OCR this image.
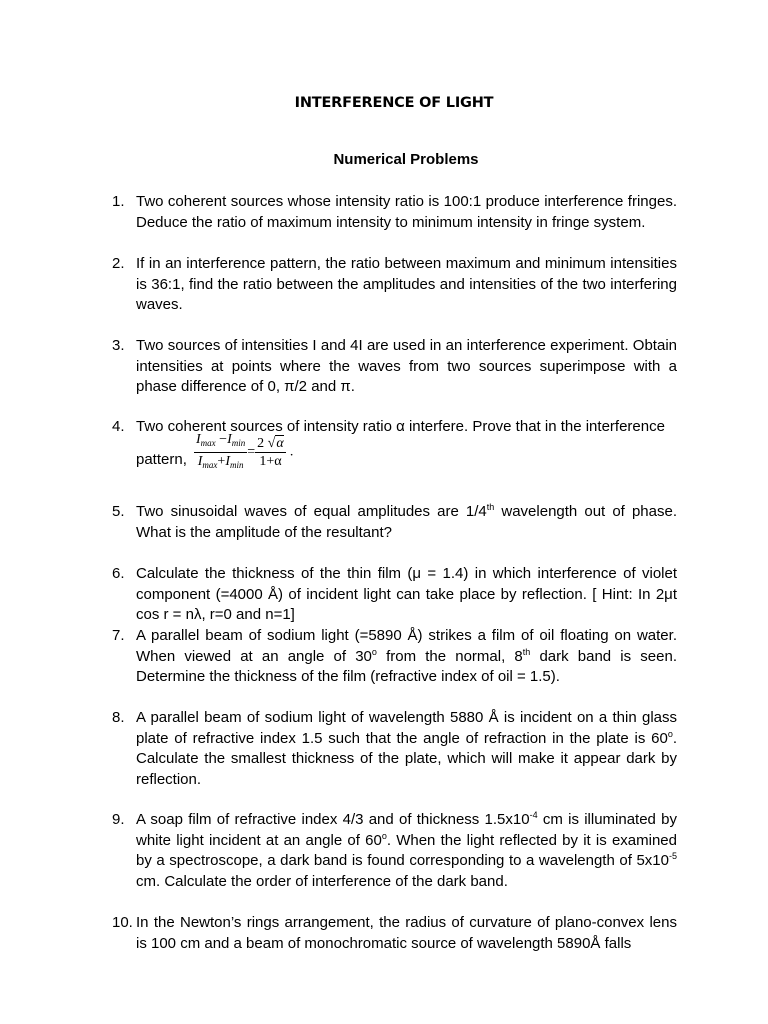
INTERFERENCE OF LIGHT
Numerical Problems
1. Two coherent sources whose intensity ratio is 100:1 produce interference fringes. Deduce the ratio of maximum intensity to minimum intensity in fringe system.
2. If in an interference pattern, the ratio between maximum and minimum intensities is 36:1, find the ratio between the amplitudes and intensities of the two interfering waves.
3. Two sources of intensities I and 4I are used in an interference experiment. Obtain intensities at points where the waves from two sources superimpose with a phase difference of 0, π/2 and π.
4. Two coherent sources of intensity ratio α interfere. Prove that in the interference
pattern, $\frac{I_{max} -I_{min}}{I_{max}+I_{min}} = \frac{2 √\alpha}{1+\alpha}$ .
5. Two sinusoidal waves of equal amplitudes are 1/4th wavelength out of phase. What is the amplitude of the resultant?
6. Calculate the thickness of the thin film (μ = 1.4) in which interference of violet component (=4000 Å) of incident light can take place by reflection. [ Hint: In 2μt cos r = nλ, r=0 and n=1]
7. A parallel beam of sodium light (=5890 Å) strikes a film of oil floating on water. When viewed at an angle of 30$^o$ from the normal, 8th dark band is seen. Determine the thickness of the film (refractive index of oil = 1.5).
8. A parallel beam of sodium light of wavelength 5880 Å is incident on a thin glass plate of refractive index 1.5 such that the angle of refraction in the plate is 60$^o$. Calculate the smallest thickness of the plate, which will make it appear dark by reflection.
9. A soap film of refractive index 4/3 and of thickness $1.5x10^{-4}$ cm is illuminated by white light incident at an angle of 60$^o$. When the light reflected by it is examined by a spectroscope, a dark band is found corresponding to a wavelength of $5x10^{-5}$ cm. Calculate the order of interference of the dark band.
10. In the Newton’s rings arrangement, the radius of curvature of plano-convex lens is 100 cm and a beam of monochromatic source of wavelength 5890Å falls
